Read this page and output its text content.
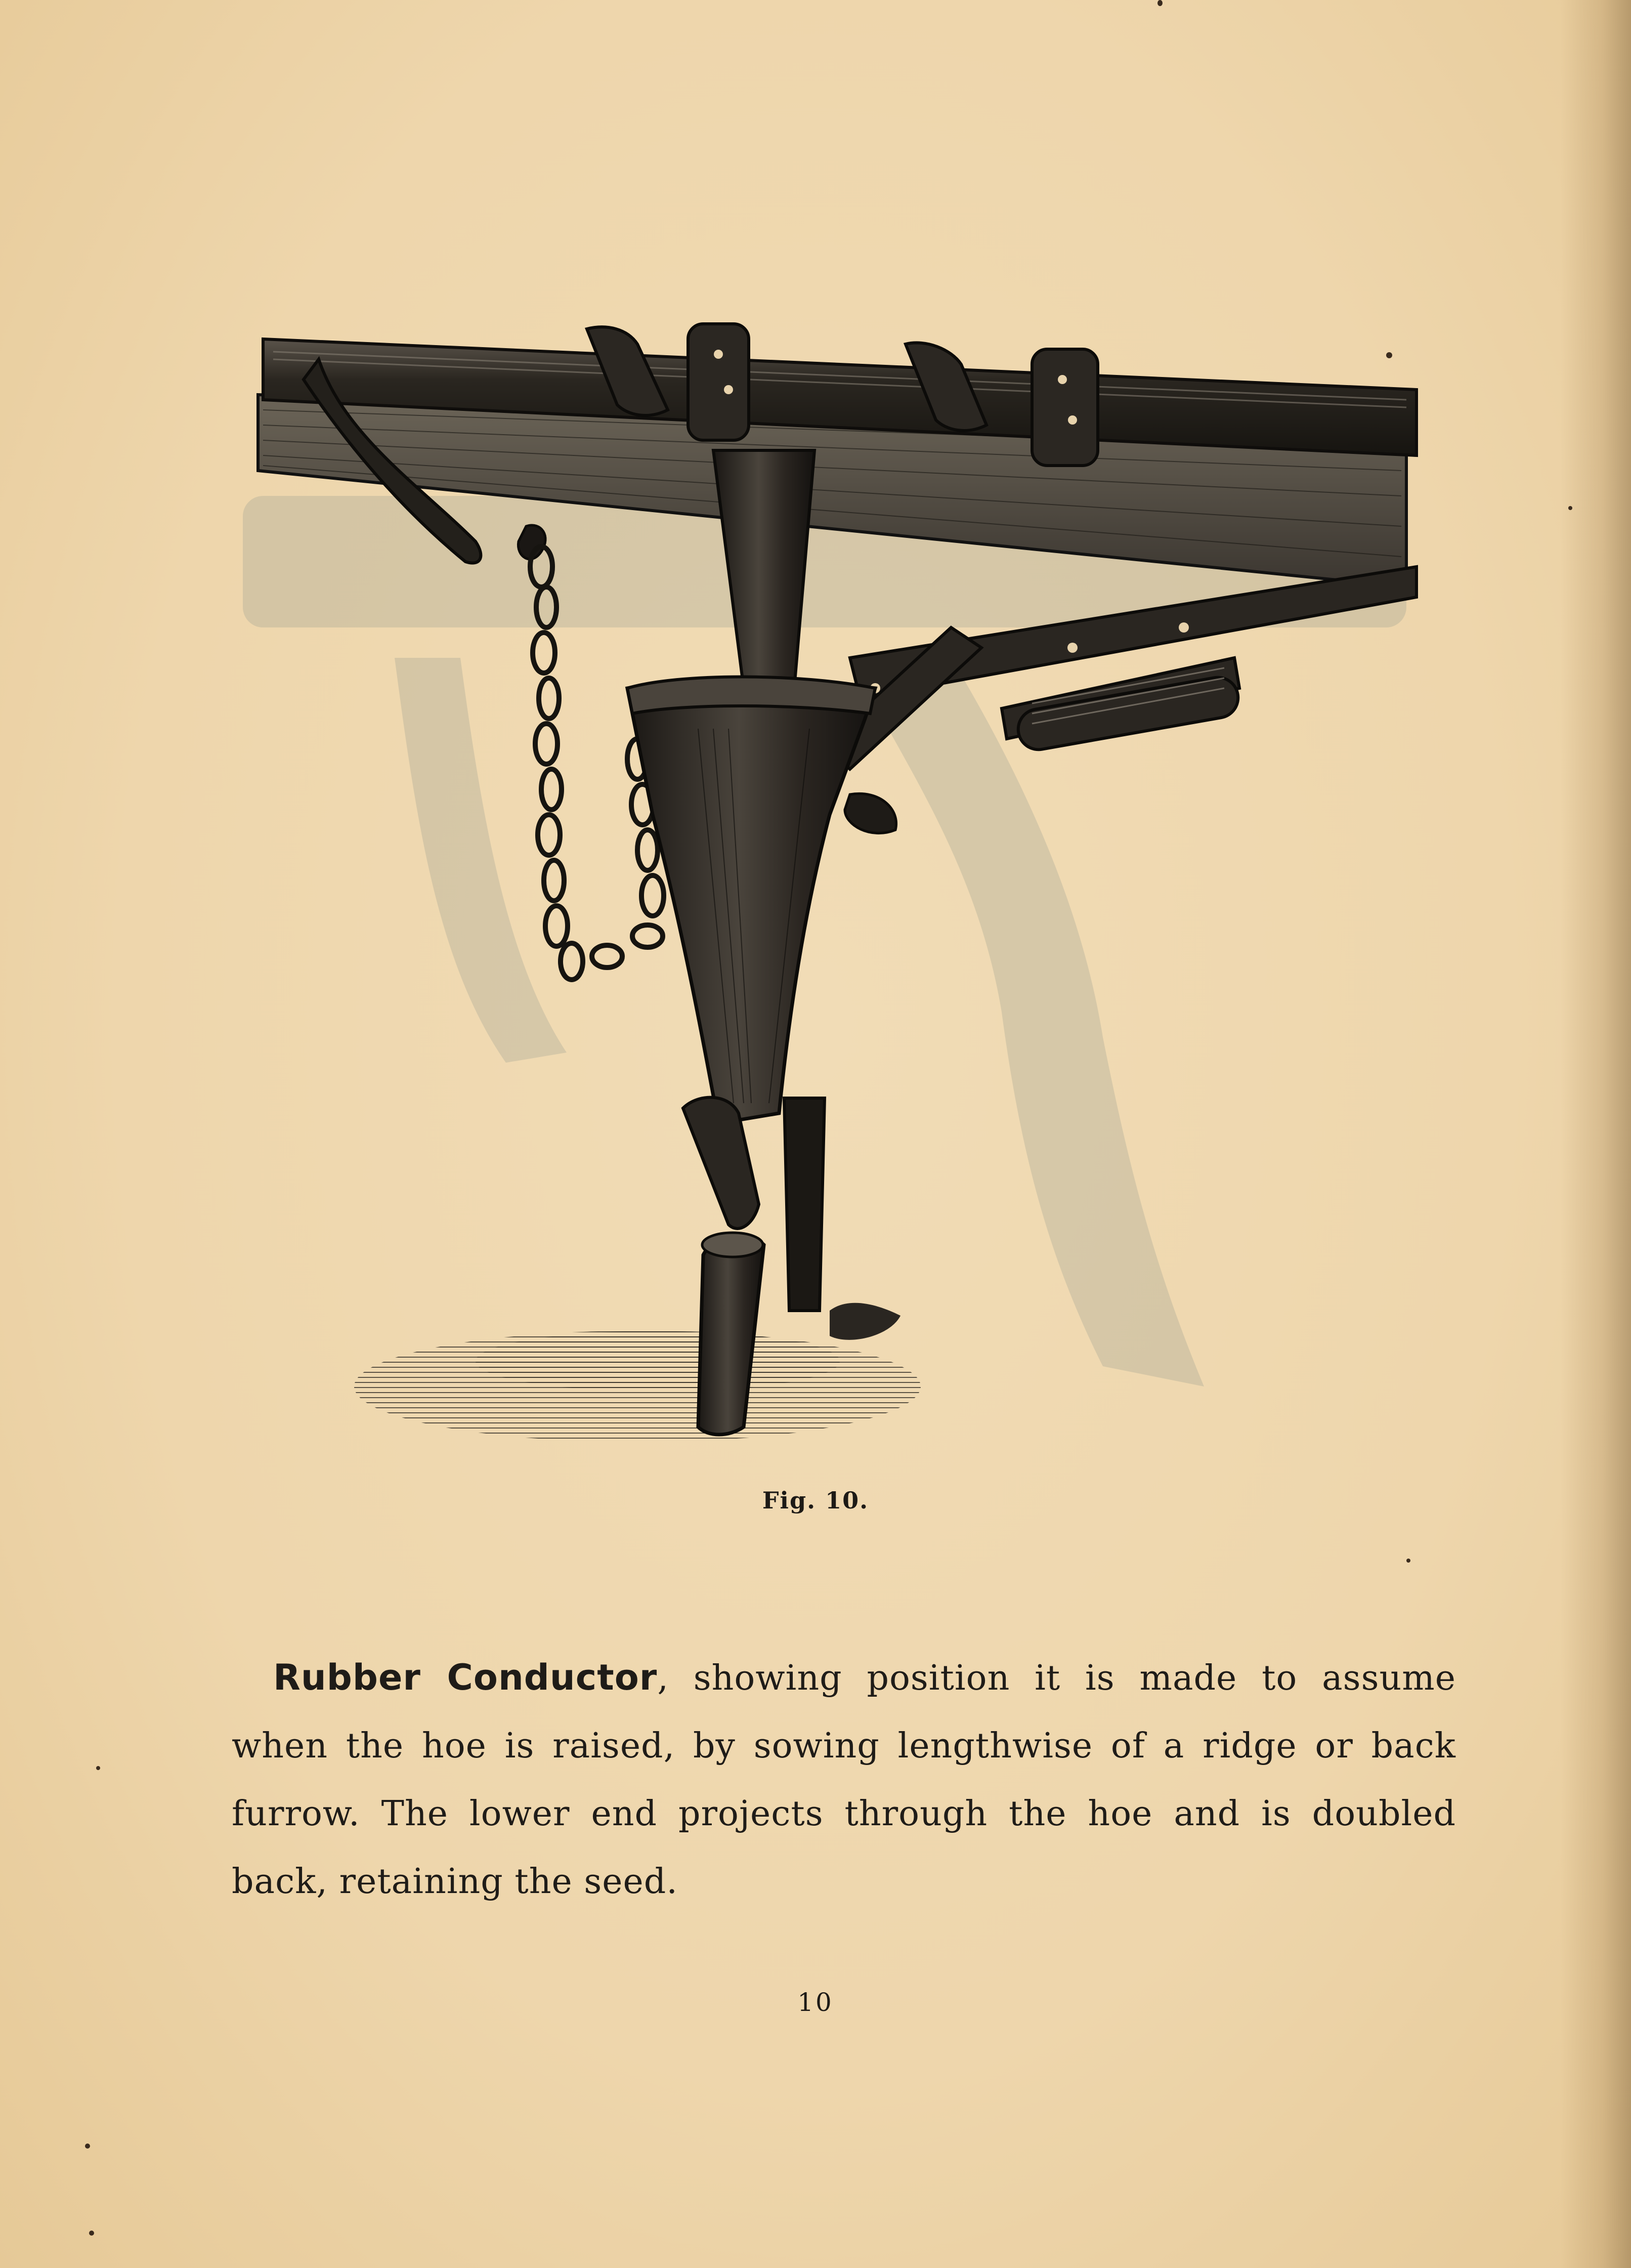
Fig. 10.

Rubber Conductor, showing position it is made to assume when the hoe is raised, by sowing lengthwise of a ridge or back furrow. The lower end projects through the hoe and is doubled back, retaining the seed.

10
